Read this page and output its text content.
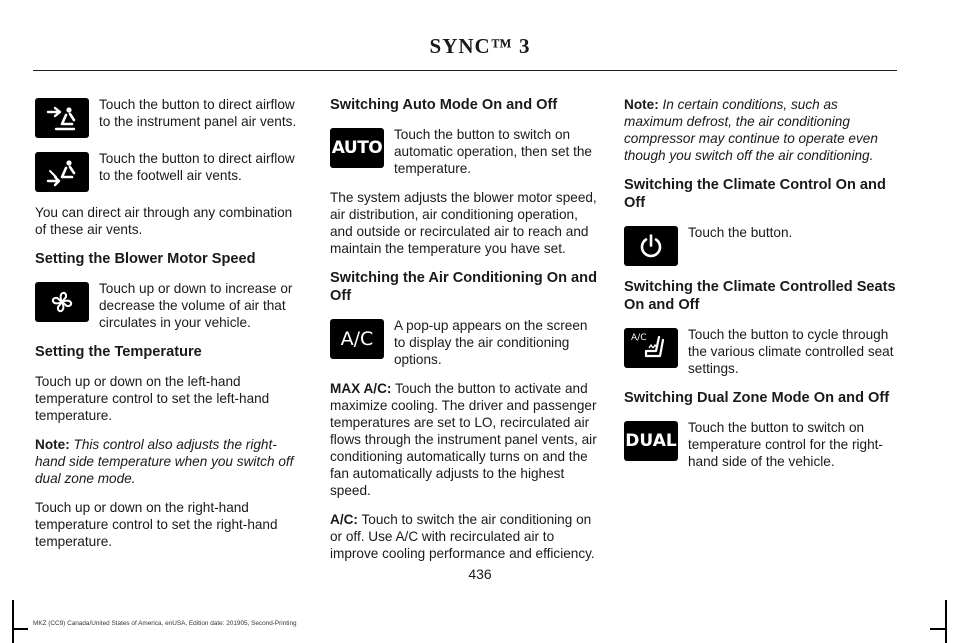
SYNC™ 3
Touch the button to direct airflow to the instrument panel air vents.
Touch the button to direct airflow to the footwell air vents.

You can direct air through any combination of these air vents.

Setting the Blower Motor Speed
Touch up or down to increase or decrease the volume of air that circulates in your vehicle.
Setting the Temperature

Touch up or down on the left-hand temperature control to set the left-hand temperature.

Note: This control also adjusts the right-hand side temperature when you switch off dual zone mode.

Touch up or down on the right-hand temperature control to set the right-hand temperature.

Switching Auto Mode On and Off
AUTO
Touch the button to switch on automatic operation, then set the temperature.

The system adjusts the blower motor speed, air distribution, air conditioning operation, and outside or recirculated air to reach and maintain the temperature you have set.

Switching the Air Conditioning On and Off
A/C
A pop-up appears on the screen to display the air conditioning options.

MAX A/C: Touch the button to activate and maximize cooling. The driver and passenger temperatures are set to LO, recirculated air flows through the instrument panel vents, air conditioning automatically turns on and the fan automatically adjusts to the highest speed.

A/C: Touch to switch the air conditioning on or off. Use A/C with recirculated air to improve cooling performance and efficiency.

Note: In certain conditions, such as maximum defrost, the air conditioning compressor may continue to operate even though you switch off the air conditioning.

Switching the Climate Control On and Off
Touch the button.
Switching the Climate Controlled Seats On and Off
A/C	Touch the button to cycle through the various climate controlled seat settings.
Switching Dual Zone Mode On and Off
DUAL
Touch the button to switch on temperature control for the right-hand side of the vehicle.
436
MKZ (CC9) Canada/United States of America, enUSA, Edition date: 201905, Second-Printing
